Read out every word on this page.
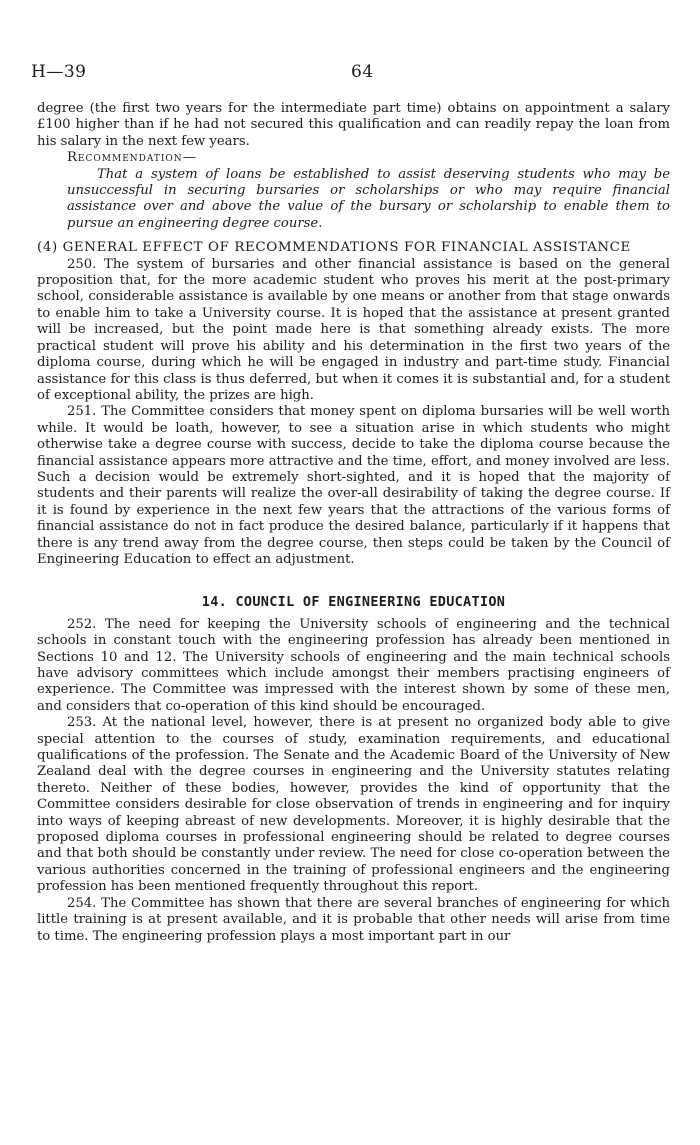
H—39	64

degree (the first two years for the intermediate part time) obtains on appointment a salary £100 higher than if he had not secured this qualification and can readily repay the loan from his salary in the next few years.

Recommendation—

That a system of loans be established to assist deserving students who may be unsuccessful in securing bursaries or scholarships or who may require financial assistance over and above the value of the bursary or scholarship to enable them to pursue an engineering degree course.

(4) GENERAL EFFECT OF RECOMMENDATIONS FOR FINANCIAL ASSISTANCE

250. The system of bursaries and other financial assistance is based on the general proposition that, for the more academic student who proves his merit at the post-primary school, considerable assistance is available by one means or another from that stage onwards to enable him to take a University course. It is hoped that the assistance at present granted will be increased, but the point made here is that something already exists. The more practical student will prove his ability and his determination in the first two years of the diploma course, during which he will be engaged in industry and part-time study. Financial assistance for this class is thus deferred, but when it comes it is substantial and, for a student of exceptional ability, the prizes are high.

251. The Committee considers that money spent on diploma bursaries will be well worth while. It would be loath, however, to see a situation arise in which students who might otherwise take a degree course with success, decide to take the diploma course because the financial assistance appears more attractive and the time, effort, and money involved are less. Such a decision would be extremely short-sighted, and it is hoped that the majority of students and their parents will realize the over-all desirability of taking the degree course. If it is found by experience in the next few years that the attractions of the various forms of financial assistance do not in fact produce the desired balance, particularly if it happens that there is any trend away from the degree course, then steps could be taken by the Council of Engineering Education to effect an adjustment.

14. COUNCIL OF ENGINEERING EDUCATION

252. The need for keeping the University schools of engineering and the technical schools in constant touch with the engineering profession has already been mentioned in Sections 10 and 12. The University schools of engineering and the main technical schools have advisory committees which include amongst their members practising engineers of experience. The Committee was impressed with the interest shown by some of these men, and considers that co-operation of this kind should be encouraged.

253. At the national level, however, there is at present no organized body able to give special attention to the courses of study, examination requirements, and educational qualifications of the profession. The Senate and the Academic Board of the University of New Zealand deal with the degree courses in engineering and the University statutes relating thereto. Neither of these bodies, however, provides the kind of opportunity that the Committee considers desirable for close observation of trends in engineering and for inquiry into ways of keeping abreast of new developments. Moreover, it is highly desirable that the proposed diploma courses in professional engineering should be related to degree courses and that both should be constantly under review. The need for close co-operation between the various authorities concerned in the training of professional engineers and the engineering profession has been mentioned frequently throughout this report.

254. The Committee has shown that there are several branches of engineering for which little training is at present available, and it is probable that other needs will arise from time to time. The engineering profession plays a most important part in our
